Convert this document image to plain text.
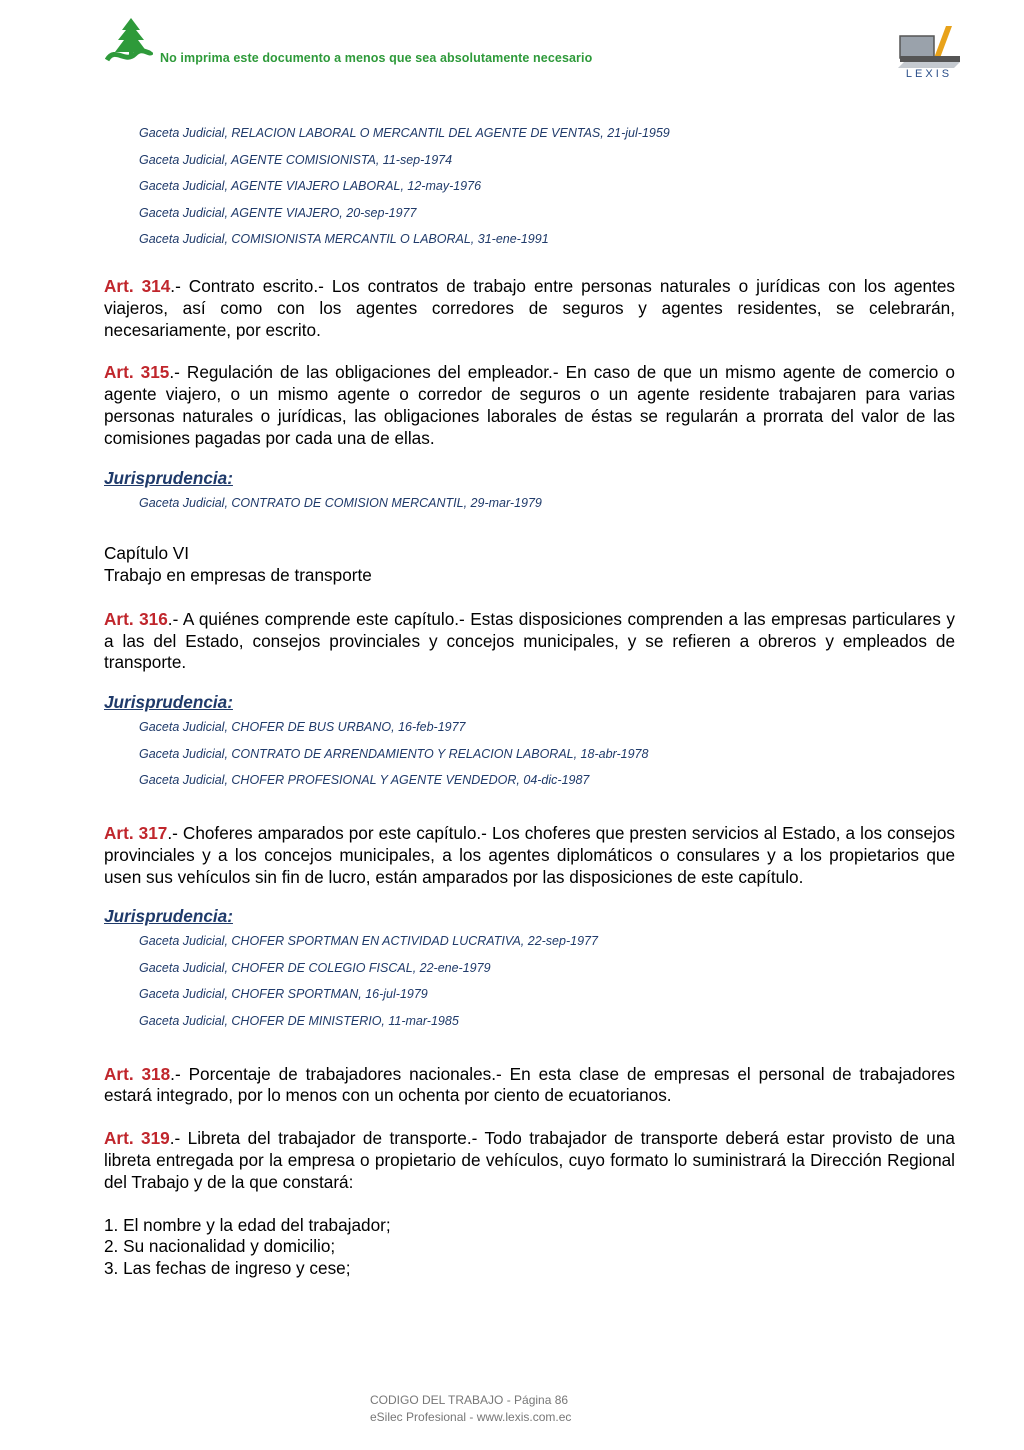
No imprima este documento a menos que sea absolutamente necesario
LEXIS

Gaceta Judicial, RELACION LABORAL O MERCANTIL DEL AGENTE DE VENTAS, 21-jul-1959

Gaceta Judicial, AGENTE COMISIONISTA, 11-sep-1974

Gaceta Judicial, AGENTE VIAJERO LABORAL, 12-may-1976

Gaceta Judicial, AGENTE VIAJERO, 20-sep-1977

Gaceta Judicial, COMISIONISTA MERCANTIL O LABORAL, 31-ene-1991

Art. 314.- Contrato escrito.- Los contratos de trabajo entre personas naturales o jurídicas con los agentes viajeros, así como con los agentes corredores de seguros y agentes residentes, se celebrarán, necesariamente, por escrito.

Art. 315.- Regulación de las obligaciones del empleador.- En caso de que un mismo agente de comercio o agente viajero, o un mismo agente o corredor de seguros o un agente residente trabajaren para varias personas naturales o jurídicas, las obligaciones laborales de éstas se regularán a prorrata del valor de las comisiones pagadas por cada una de ellas.

Jurisprudencia:

Gaceta Judicial, CONTRATO DE COMISION MERCANTIL, 29-mar-1979

Capítulo VI

Trabajo en empresas de transporte

Art. 316.- A quiénes comprende este capítulo.- Estas disposiciones comprenden a las empresas particulares y a las del Estado, consejos provinciales y concejos municipales, y se refieren a obreros y empleados de transporte.

Jurisprudencia:

Gaceta Judicial, CHOFER DE BUS URBANO, 16-feb-1977

Gaceta Judicial, CONTRATO DE ARRENDAMIENTO Y RELACION LABORAL, 18-abr-1978

Gaceta Judicial, CHOFER PROFESIONAL Y AGENTE VENDEDOR, 04-dic-1987

Art. 317.- Choferes amparados por este capítulo.- Los choferes que presten servicios al Estado, a los consejos provinciales y a los concejos municipales, a los agentes diplomáticos o consulares y a los propietarios que usen sus vehículos sin fin de lucro, están amparados por las disposiciones de este capítulo.

Jurisprudencia:

Gaceta Judicial, CHOFER SPORTMAN EN ACTIVIDAD LUCRATIVA, 22-sep-1977

Gaceta Judicial, CHOFER DE COLEGIO FISCAL, 22-ene-1979

Gaceta Judicial, CHOFER SPORTMAN, 16-jul-1979

Gaceta Judicial, CHOFER DE MINISTERIO, 11-mar-1985

Art. 318.- Porcentaje de trabajadores nacionales.- En esta clase de empresas el personal de trabajadores estará integrado, por lo menos con un ochenta por ciento de ecuatorianos.

Art. 319.- Libreta del trabajador de transporte.- Todo trabajador de transporte deberá estar provisto de una libreta entregada por la empresa o propietario de vehículos, cuyo formato lo suministrará la Dirección Regional del Trabajo y de la que constará:

1. El nombre y la edad del trabajador;

2. Su nacionalidad y domicilio;

3. Las fechas de ingreso y cese;

CODIGO DEL TRABAJO - Página 86
eSilec Profesional - www.lexis.com.ec
